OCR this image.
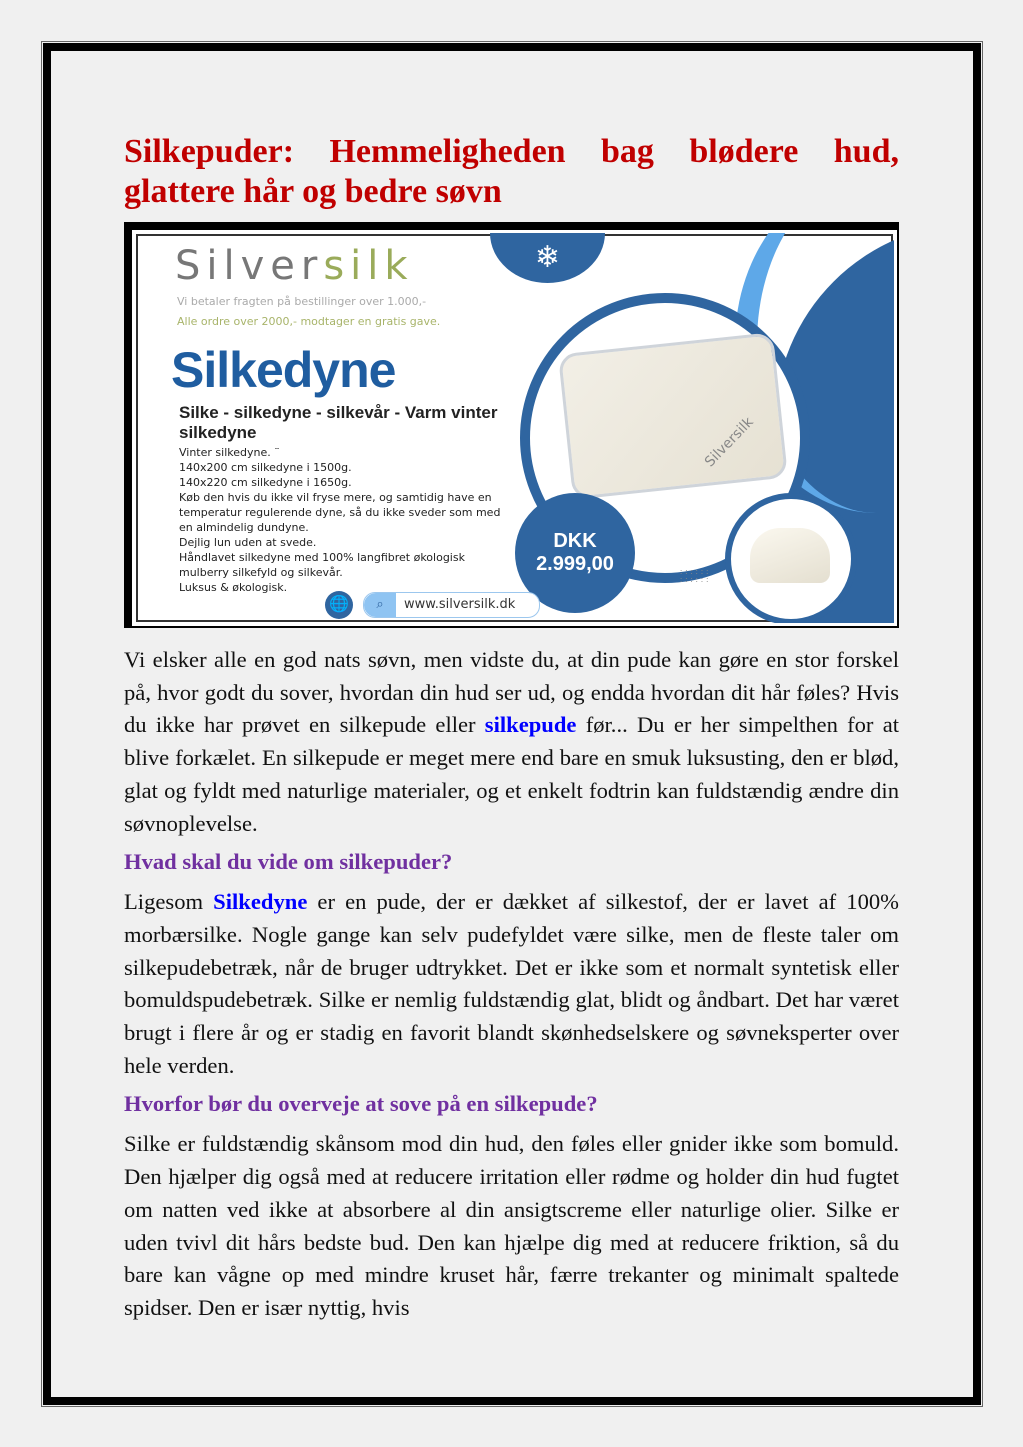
Silkepuder: Hemmeligheden bag blødere hud, glattere hår og bedre søvn
❄
Silversilk
Vi betaler fragten på bestillinger over 1.000,-
Alle ordre over 2000,- modtager en gratis gave.
Silkedyne
Silke - silkedyne - silkevår - Varm vinter silkedyne
Vinter silkedyne. ¨
140x200 cm silkedyne i 1500g.
140x220 cm silkedyne i 1650g.
Køb den hvis du ikke vil fryse mere, og samtidig have en
temperatur regulerende dyne, så du ikke sveder som med
en almindelig dundyne.
Dejlig lun uden at svede.
Håndlavet silkedyne med 100% langfibret økologisk
mulberry silkefyld og silkevår.
Luksus & økologisk.
Silversilk
DKK
2.999,00	::::::
::::::
🌐	⌕ www.silversilk.dk

Vi elsker alle en god nats søvn, men vidste du, at din pude kan gøre en stor forskel på, hvor godt du sover, hvordan din hud ser ud, og endda hvordan dit hår føles? Hvis du ikke har prøvet en silkepude eller silkepude før... Du er her simpelthen for at blive forkælet. En silkepude er meget mere end bare en smuk luksusting, den er blød, glat og fyldt med naturlige materialer, og et enkelt fodtrin kan fuldstændig ændre din søvnoplevelse.

Hvad skal du vide om silkepuder?

Ligesom Silkedyne er en pude, der er dækket af silkestof, der er lavet af 100% morbærsilke. Nogle gange kan selv pudefyldet være silke, men de fleste taler om silkepudebetræk, når de bruger udtrykket. Det er ikke som et normalt syntetisk eller bomuldspudebetræk. Silke er nemlig fuldstændig glat, blidt og åndbart. Det har været brugt i flere år og er stadig en favorit blandt skønhedselskere og søvneksperter over hele verden.

Hvorfor bør du overveje at sove på en silkepude?

Silke er fuldstændig skånsom mod din hud, den føles eller gnider ikke som bomuld. Den hjælper dig også med at reducere irritation eller rødme og holder din hud fugtet om natten ved ikke at absorbere al din ansigtscreme eller naturlige olier. Silke er uden tvivl dit hårs bedste bud. Den kan hjælpe dig med at reducere friktion, så du bare kan vågne op med mindre kruset hår, færre trekanter og minimalt spaltede spidser. Den er især nyttig, hvis
